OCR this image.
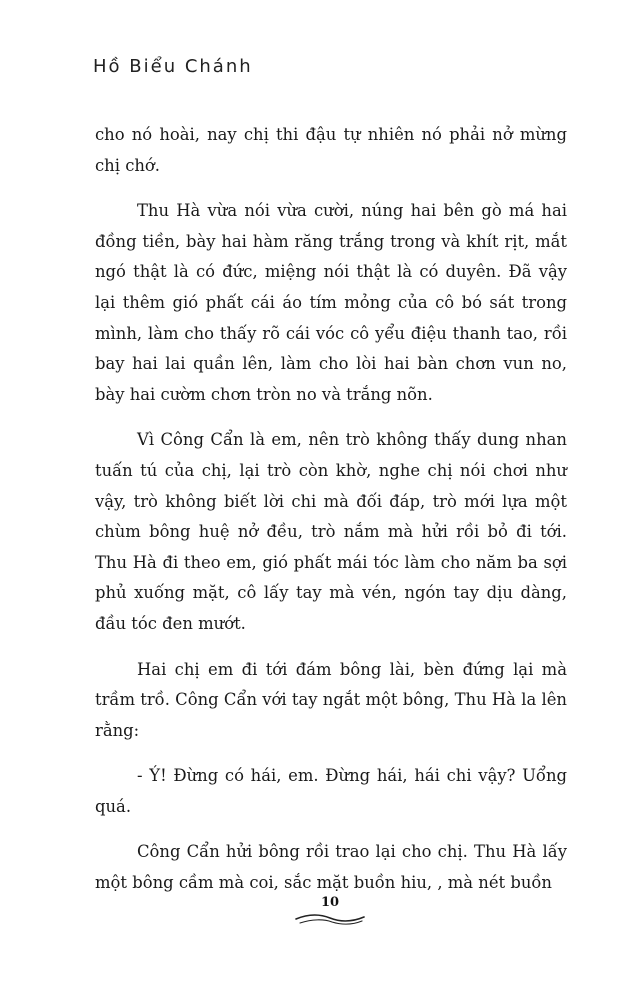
Hồ Biểu Chánh

cho nó hoài, nay chị thi đậu tự nhiên nó phải nở mừng chị chớ.

Thu Hà vừa nói vừa cười, núng hai bên gò má hai đồng tiền, bày hai hàm răng trắng trong và khít rịt, mắt ngó thật là có đức, miệng nói thật là có duyên. Đã vậy lại thêm gió phất cái áo tím mỏng của cô bó sát trong mình, làm cho thấy rõ cái vóc cô yểu điệu thanh tao, rồi bay hai lai quần lên, làm cho lòi hai bàn chơn vun no, bày hai cườm chơn tròn no và trắng nõn.

Vì Công Cẩn là em, nên trò không thấy dung nhan tuấn tú của chị, lại trò còn khờ, nghe chị nói chơi như vậy, trò không biết lời chi mà đối đáp, trò mới lựa một chùm bông huệ nở đều, trò nắm mà hửi rồi bỏ đi tới. Thu Hà đi theo em, gió phất mái tóc làm cho năm ba sợi phủ xuống mặt, cô lấy tay mà vén, ngón tay dịu dàng, đầu tóc đen mướt.

Hai chị em đi tới đám bông lài, bèn đứng lại mà trầm trồ. Công Cẩn với tay ngắt một bông, Thu Hà la lên rằng:

- Ý! Đừng có hái, em. Đừng hái, hái chi vậy? Uổng quá.

Công Cẩn hửi bông rồi trao lại cho chị. Thu Hà lấy một bông cầm mà coi, sắc mặt buồn hiu, , mà nét buồn

10
